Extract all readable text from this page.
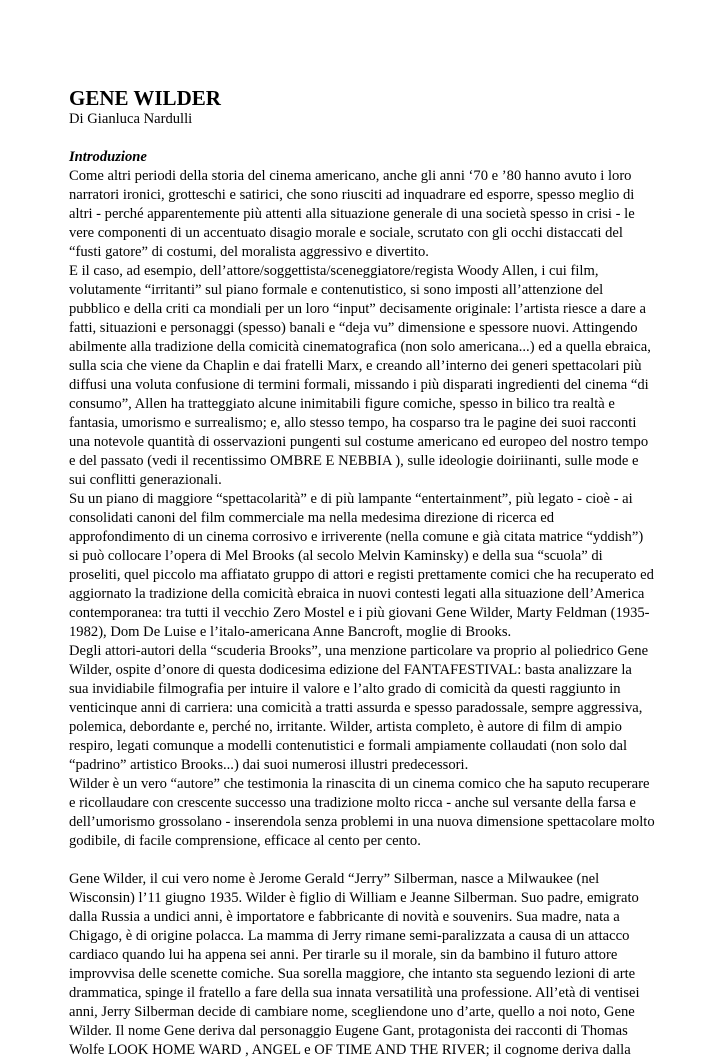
GENE WILDER

Di Gianluca Nardulli

Introduzione

Come altri periodi della storia del cinema americano, anche gli anni ‘70 e ’80 hanno avuto i loro
narratori ironici, grotteschi e satirici, che sono riusciti ad inquadrare ed esporre, spesso meglio di
altri - perché apparentemente più attenti alla situazione generale di una società spesso in crisi - le
vere componenti di un accentuato disagio morale e sociale, scrutato con gli occhi distaccati del
“fusti gatore” di costumi, del moralista aggressivo e divertito.

E il caso, ad esempio, dell’attore/soggettista/sceneggiatore/regista Woody Allen, i cui film,
volutamente “irritanti” sul piano formale e contenutistico, si sono imposti all’attenzione del
pubblico e della criti ca mondiali per un loro “input” decisamente originale: l’artista riesce a dare a
fatti, situazioni e personaggi (spesso) banali e “deja vu” dimensione e spessore nuovi. Attingendo
abilmente alla tradizione della comicità cinematografica (non solo americana...) ed a quella ebraica,
sulla scia che viene da Chaplin e dai fratelli Marx, e creando all’interno dei generi spettacolari più
diffusi una voluta confusione di termini formali, missando i più disparati ingredienti del cinema “di
consumo”, Allen ha tratteggiato alcune inimitabili figure comiche, spesso in bilico tra realtà e
fantasia, umorismo e surrealismo; e, allo stesso tempo, ha cosparso tra le pagine dei suoi racconti
una notevole quantità di osservazioni pungenti sul costume americano ed europeo del nostro tempo
e del passato (vedi il recentissimo OMBRE E NEBBIA ), sulle ideologie doiriinanti, sulle mode e
sui conflitti generazionali.

Su un piano di maggiore “spettacolarità” e di più lampante “entertainment”, più legato - cioè - ai
consolidati canoni del film commerciale ma nella medesima direzione di ricerca ed
approfondimento di un cinema corrosivo e irriverente (nella comune e già citata matrice “yddish”)
si può collocare l’opera di Mel Brooks (al secolo Melvin Kaminsky) e della sua “scuola” di
proseliti, quel piccolo ma affiatato gruppo di attori e registi prettamente comici che ha recuperato ed
aggiornato la tradizione della comicità ebraica in nuovi contesti legati alla situazione dell’America
contemporanea: tra tutti il vecchio Zero Mostel e i più giovani Gene Wilder, Marty Feldman (1935-
1982), Dom De Luise e l’italo-americana Anne Bancroft, moglie di Brooks.

Degli attori-autori della “scuderia Brooks”, una menzione particolare va proprio al poliedrico Gene
Wilder, ospite d’onore di questa dodicesima edizione del FANTAFESTIVAL: basta analizzare la
sua invidiabile filmografia per intuire il valore e l’alto grado di comicità da questi raggiunto in
venticinque anni di carriera: una comicità a tratti assurda e spesso paradossale, sempre aggressiva,
polemica, debordante e, perché no, irritante. Wilder, artista completo, è autore di film di ampio
respiro, legati comunque a modelli contenutistici e formali ampiamente collaudati (non solo dal
“padrino” artistico Brooks...) dai suoi numerosi illustri predecessori.

Wilder è un vero “autore” che testimonia la rinascita di un cinema comico che ha saputo recuperare
e ricollaudare con crescente successo una tradizione molto ricca - anche sul versante della farsa e
dell’umorismo grossolano - inserendola senza problemi in una nuova dimensione spettacolare molto
godibile, di facile comprensione, efficace al cento per cento.

Gene Wilder, il cui vero nome è Jerome Gerald “Jerry” Silberman, nasce a Milwaukee (nel
Wisconsin) l’11 giugno 1935. Wilder è figlio di William e Jeanne Silberman. Suo padre, emigrato
dalla Russia a undici anni, è importatore e fabbricante di novità e souvenirs. Sua madre, nata a
Chigago, è di origine polacca. La mamma di Jerry rimane semi-paralizzata a causa di un attacco
cardiaco quando lui ha appena sei anni. Per tirarle su il morale, sin da bambino il futuro attore
improvvisa delle scenette comiche. Sua sorella maggiore, che intanto sta seguendo lezioni di arte
drammatica, spinge il fratello a fare della sua innata versatilità una professione. All’età di ventisei
anni, Jerry Silberman decide di cambiare nome, scegliendone uno d’arte, quello a noi noto, Gene
Wilder. Il nome Gene deriva dal personaggio Eugene Gant, protagonista dei racconti di Thomas
Wolfe LOOK HOME WARD , ANGEL e OF TIME AND THE RIVER; il cognome deriva dalla
